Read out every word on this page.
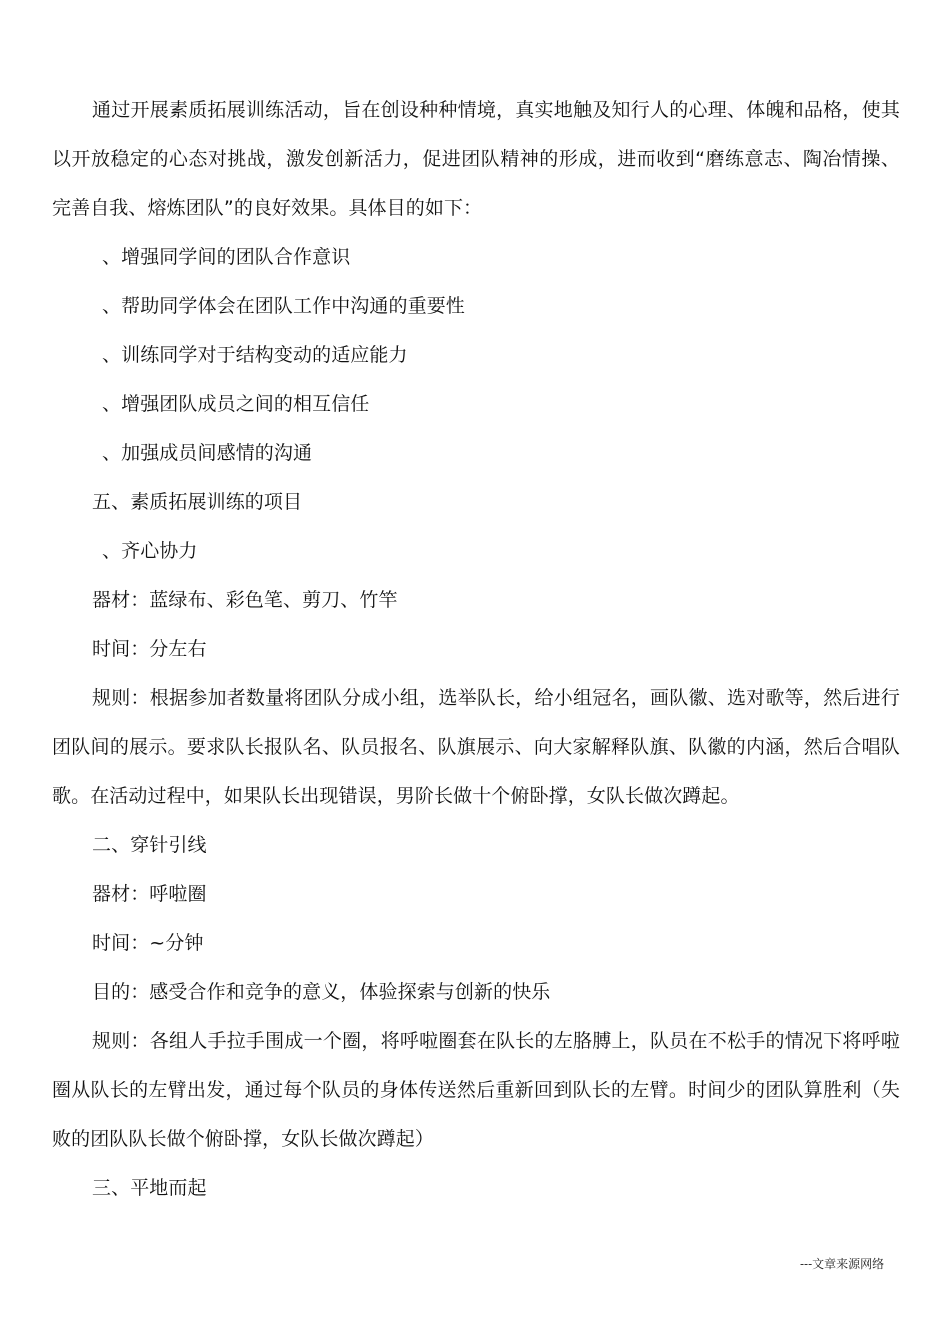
通过开展素质拓展训练活动，旨在创设种种情境，真实地触及知行人的心理、体魄和品格，使其以开放稳定的心态对挑战，激发创新活力，促进团队精神的形成，进而收到“磨练意志、陶冶情操、完善自我、熔炼团队”的良好效果。具体目的如下：

、增强同学间的团队合作意识

、帮助同学体会在团队工作中沟通的重要性

、训练同学对于结构变动的适应能力

、增强团队成员之间的相互信任

、加强成员间感情的沟通

五、素质拓展训练的项目

、齐心协力

器材：蓝绿布、彩色笔、剪刀、竹竿

时间：分左右

规则：根据参加者数量将团队分成小组，选举队长，给小组冠名，画队徽、选对歌等，然后进行团队间的展示。要求队长报队名、队员报名、队旗展示、向大家解释队旗、队徽的内涵，然后合唱队歌。在活动过程中，如果队长出现错误，男阶长做十个俯卧撑，女队长做次蹲起。

二、穿针引线

器材：呼啦圈

时间：~分钟

目的：感受合作和竞争的意义，体验探索与创新的快乐

规则：各组人手拉手围成一个圈，将呼啦圈套在队长的左胳膊上，队员在不松手的情况下将呼啦圈从队长的左臂出发，通过每个队员的身体传送然后重新回到队长的左臂。时间少的团队算胜利（失败的团队队长做个俯卧撑，女队长做次蹲起）

三、平地而起

---文章来源网络
